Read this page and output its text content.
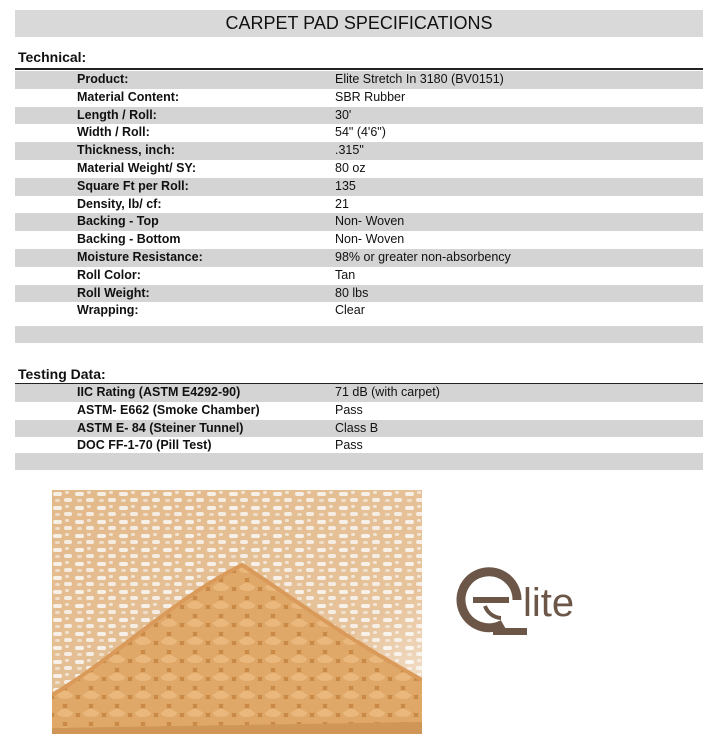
CARPET PAD SPECIFICATIONS
Technical:
Product:	Elite Stretch In 3180 (BV0151)
Material Content:	SBR Rubber
Length / Roll:	30'
Width / Roll:	54" (4'6")
Thickness, inch:	.315"
Material Weight/ SY:	80 oz
Square Ft per Roll:	135
Density, lb/ cf:	21
Backing - Top	Non- Woven
Backing - Bottom	Non- Woven
Moisture Resistance:	98% or greater non-absorbency
Roll Color:	Tan
Roll Weight:	80 lbs
Wrapping:	Clear
Testing Data:
IIC Rating (ASTM E4292-90)	71 dB (with carpet)
ASTM- E662 (Smoke Chamber)	Pass
ASTM E- 84 (Steiner Tunnel)	Class B
DOC FF-1-70 (Pill Test)	Pass
lite
